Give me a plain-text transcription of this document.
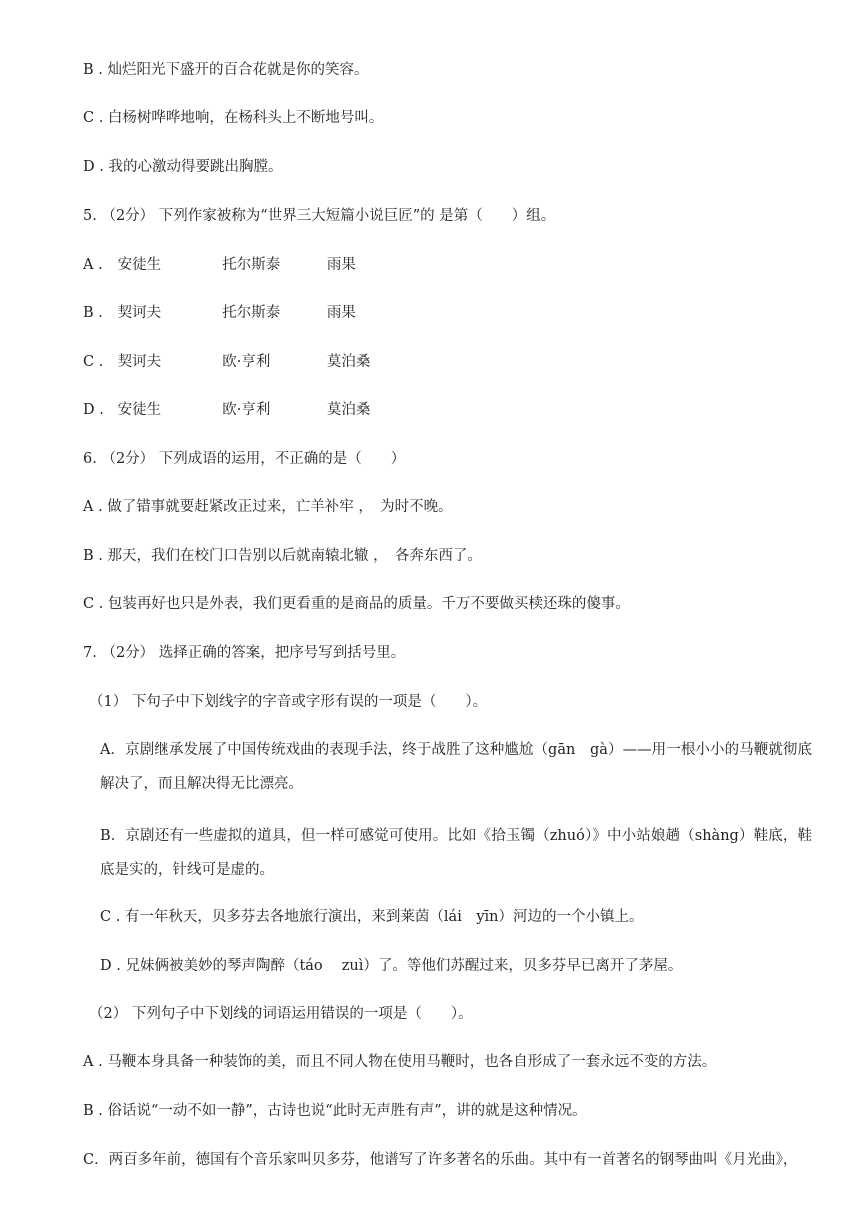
B . 灿烂阳光下盛开的百合花就是你的笑容。
C . 白杨树哗哗地响，在杨科头上不断地号叫。
D . 我的心激动得要跳出胸膛。
5. （2分） 下列作家被称为“世界三大短篇小说巨匠”的 是第（　　）组。
A . 安徒生	托尔斯泰	雨果
B . 契诃夫	托尔斯泰	雨果
C . 契诃夫	欧·亨利	莫泊桑
D . 安徒生	欧·亨利	莫泊桑
6. （2分） 下列成语的运用，不正确的是（　　）
A . 做了错事就要赶紧改正过来，亡羊补牢 ，　为时不晚。
B . 那天，我们在校门口告别以后就南辕北辙 ，　各奔东西了。
C . 包装再好也只是外表，我们更看重的是商品的质量。千万不要做买椟还珠的傻事。
7. （2分） 选择正确的答案，把序号写到括号里。
（1） 下句子中下划线字的字音或字形有误的一项是（　　）。
A．京剧继承发展了中国传统戏曲的表现手法，终于战胜了这种尴尬（gān　gà）——用一根小小的马鞭就彻底解决了，而且解决得无比漂亮。
B．京剧还有一些虚拟的道具，但一样可感觉可使用。比如《拾玉镯（zhuó）》中小站娘趟（shàng）鞋底，鞋底是实的，针线可是虚的。
C . 有一年秋天，贝多芬去各地旅行演出，来到莱茵（lái　yīn）河边的一个小镇上。
D . 兄妹俩被美妙的琴声陶醉（táo　 zuì）了。等他们苏醒过来，贝多芬早已离开了茅屋。
（2） 下列句子中下划线的词语运用错误的一项是（　　）。
A . 马鞭本身具备一种装饰的美，而且不同人物在使用马鞭时，也各自形成了一套永远不变的方法。
B . 俗话说“一动不如一静”，古诗也说“此时无声胜有声”，讲的就是这种情况。
C．两百多年前，德国有个音乐家叫贝多芬，他谱写了许多著名的乐曲。其中有一首著名的钢琴曲叫《月光曲》，
